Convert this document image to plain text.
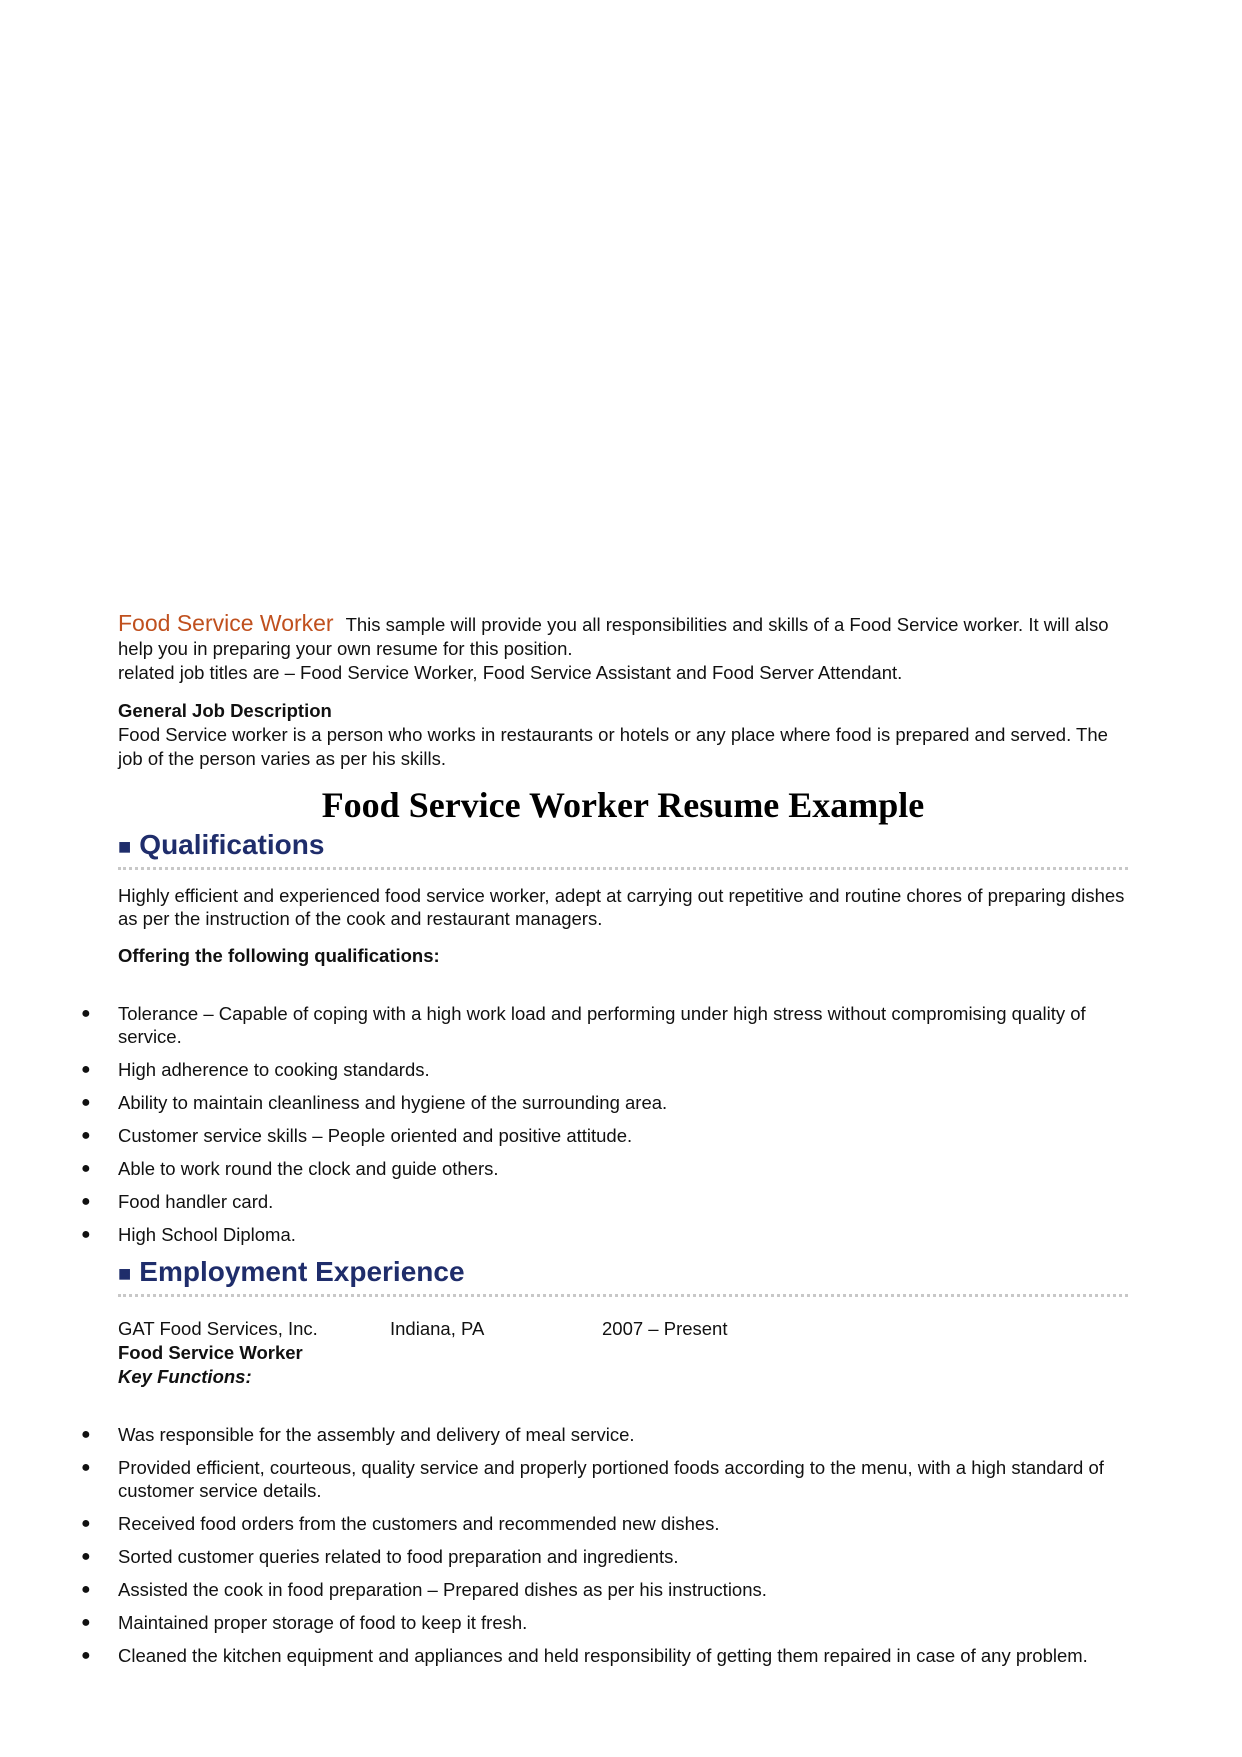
Food Service Worker This sample will provide you all responsibilities and skills of a Food Service worker. It will also help you in preparing your own resume for this position.

related job titles are – Food Service Worker, Food Service Assistant and Food Server Attendant.

General Job Description

Food Service worker is a person who works in restaurants or hotels or any place where food is prepared and served. The job of the person varies as per his skills.

Food Service Worker Resume Example
■ Qualifications

Highly efficient and experienced food service worker, adept at carrying out repetitive and routine chores of preparing dishes as per the instruction of the cook and restaurant managers.

Offering the following qualifications:

● Tolerance – Capable of coping with a high work load and performing under high stress without compromising quality of service.
● High adherence to cooking standards.
● Ability to maintain cleanliness and hygiene of the surrounding area.
● Customer service skills – People oriented and positive attitude.
● Able to work round the clock and guide others.
● Food handler card.
● High School Diploma.
■ Employment Experience
GAT Food Services, Inc.	Indiana, PA	2007 – Present

Food Service Worker

Key Functions:

● Was responsible for the assembly and delivery of meal service.
● Provided efficient, courteous, quality service and properly portioned foods according to the menu, with a high standard of customer service details.
● Received food orders from the customers and recommended new dishes.
● Sorted customer queries related to food preparation and ingredients.
● Assisted the cook in food preparation – Prepared dishes as per his instructions.
● Maintained proper storage of food to keep it fresh.
● Cleaned the kitchen equipment and appliances and held responsibility of getting them repaired in case of any problem.
